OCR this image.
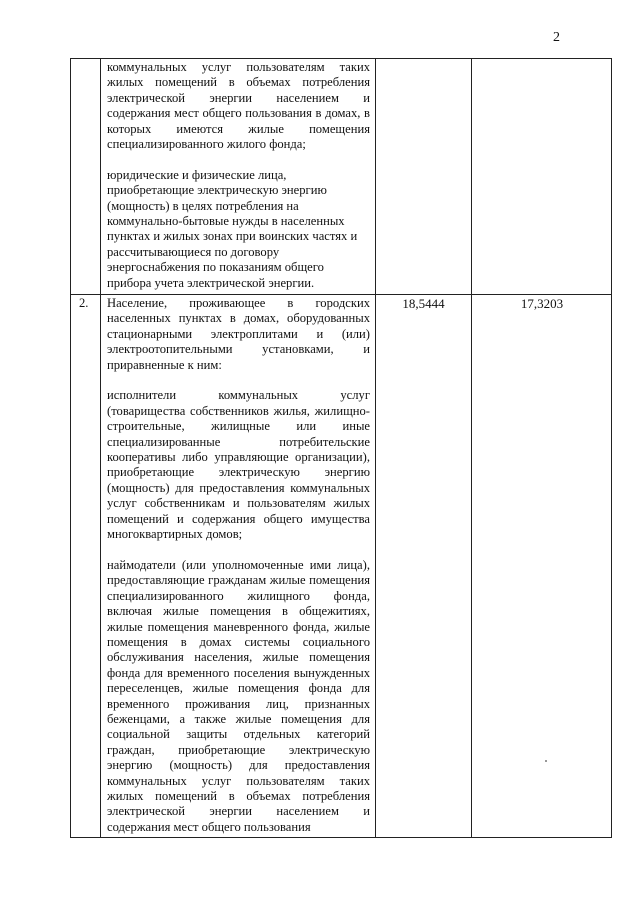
2

коммунальных услуг пользователям таких жилых помещений в объемах потребления электрической энергии населением и содержания мест общего пользования в домах, в которых имеются жилые помещения специализированного жилого фонда;

юридические и физические лица, приобретающие электрическую энергию (мощность) в целях потребления на коммунально-бытовые нужды в населенных пунктах и жилых зонах при воинских частях и рассчитывающиеся по договору энергоснабжения по показаниям общего прибора учета электрической энергии.

2. Население, проживающее в городских населенных пунктах в домах, оборудованных стационарными электроплитами и (или) электроотопительными установками, и приравненные к ним:

исполнители коммунальных услуг (товарищества собственников жилья, жилищно-строительные, жилищные или иные специализированные потребительские кооперативы либо управляющие организации), приобретающие электрическую энергию (мощность) для предоставления коммунальных услуг собственникам и пользователям жилых помещений и содержания общего имущества многоквартирных домов;

наймодатели (или уполномоченные ими лица), предоставляющие гражданам жилые помещения специализированного жилищного фонда, включая жилые помещения в общежитиях, жилые помещения маневренного фонда, жилые помещения в домах системы социального обслуживания населения, жилые помещения фонда для временного поселения вынужденных переселенцев, жилые помещения фонда для временного проживания лиц, признанных беженцами, а также жилые помещения для социальной защиты отдельных категорий граждан, приобретающие электрическую энергию (мощность) для предоставления коммунальных услуг пользователям таких жилых помещений в объемах потребления электрической энергии населением и содержания мест общего пользования

18,5444	17,3203
